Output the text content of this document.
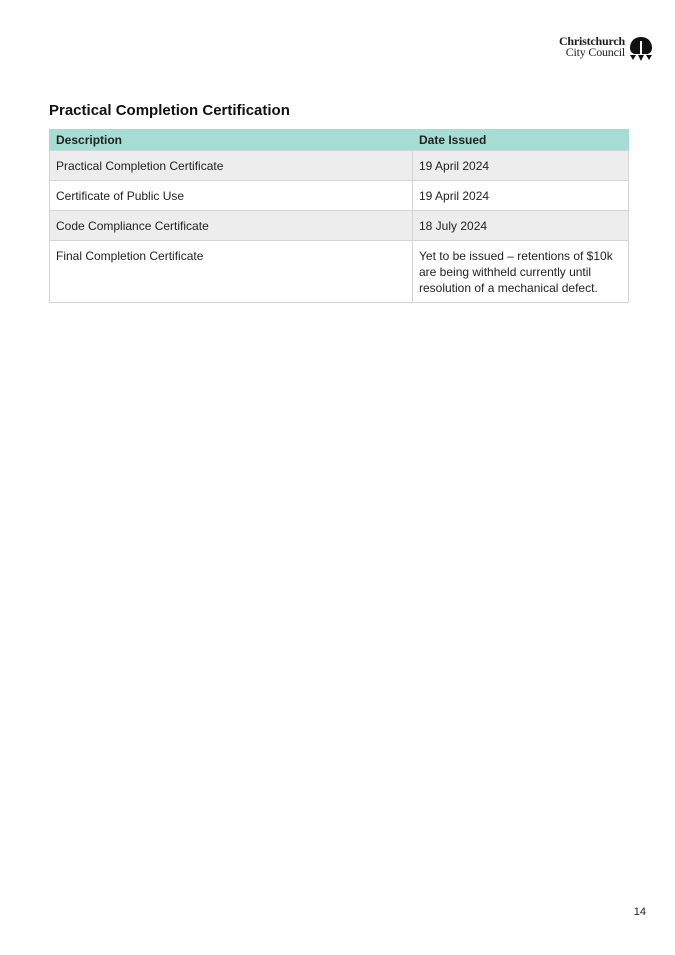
Christchurch
City Council
Practical Completion Certification
Description	Date Issued
Practical Completion Certificate	19 April 2024
Certificate of Public Use	19 April 2024
Code Compliance Certificate	18 July 2024
Final Completion Certificate	Yet to be issued – retentions of $10k are being withheld currently until resolution of a mechanical defect.
14
